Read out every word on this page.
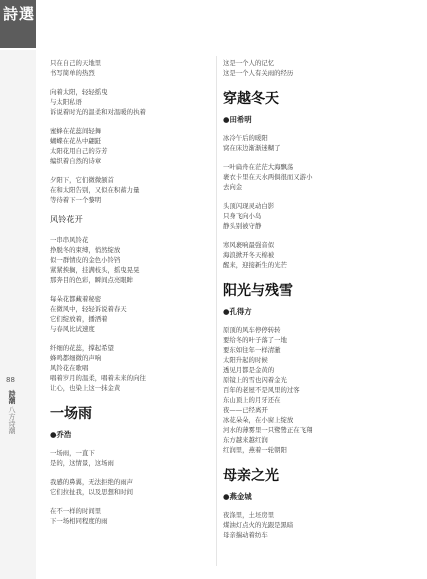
詩選
88
詩潮
八方诗潮
只在自己的天地里
书写简单的热烈
向着太阳，轻轻摇曳
与太阳私语
诉说着时光的温柔和对温暖的执着
蜜蜂在花蕊间轻舞
蝴蝶在花丛中翩跹
太阳花用自己的芬芳
编织着自然的诗章
夕阳下，它们微微颔首
在和太阳告别，又似在积蓄力量
等待着下一个黎明
风铃花开
一串串风铃花
挣脱冬的束缚，悄然绽放
似一群情皮的金色小铃铛
紧紧挨搁，挂满枝头，摇曳晃晃
那奔目的色彩，瞬间点亮眼眸
每朵花都藏着秘密
在微风中，轻轻诉说着春天
它们绽放着，播洒着
与春风比试速度
纤细的花蕊，撑起希望
蜂鸣都细微的声响
风铃花在歌唱
唱着岁月的温柔，唱着未来的向往
让心，也染上这一抹金黄
一场雨
●乔浩
一场雨，一直下
是的，这情景，这场雨
我感的鼻翼，无法拒绝的雨声
它们拉扯我，以及思想和时间
在不一样的时间里
下一场相同程度的雨
这是一个人的记忆
这是一个人有关雨的经历
穿越冬天
●田希明
冰冷午后的暖阳
窝在床边渐渐迷糊了
一叶扁舟在茫茫大海飘荡
裹衣卡里在天水两俱很而又游小
去向金
头顶闪现灵动白影
只身飞向小岛
静头别被守静
寒风裹响最强音似
海浪掀开冬天棉被
醒来，迎接新生的光芒
阳光与残雪
●孔得方
原顶的风车停停转转
要给冬的叶子落了一地
要东如往年一样清澈
太阳升起的时候
透见月都是金黄的
原镜上的雪也闪着金光
百年的老屋不是风里的过客
东山顶上的月牙还在
夜——已经离开
冰花朵朵，在小窗上绽放
河水的薄雾里一只鹭鸶正在飞翔
东方越来越红润
红润里，燕着一轮朝阳
母亲之光
●燕金城
夜涤里，土坯房里
煤油灯点火的光跟是黑暗
母亲揣动着纺车
